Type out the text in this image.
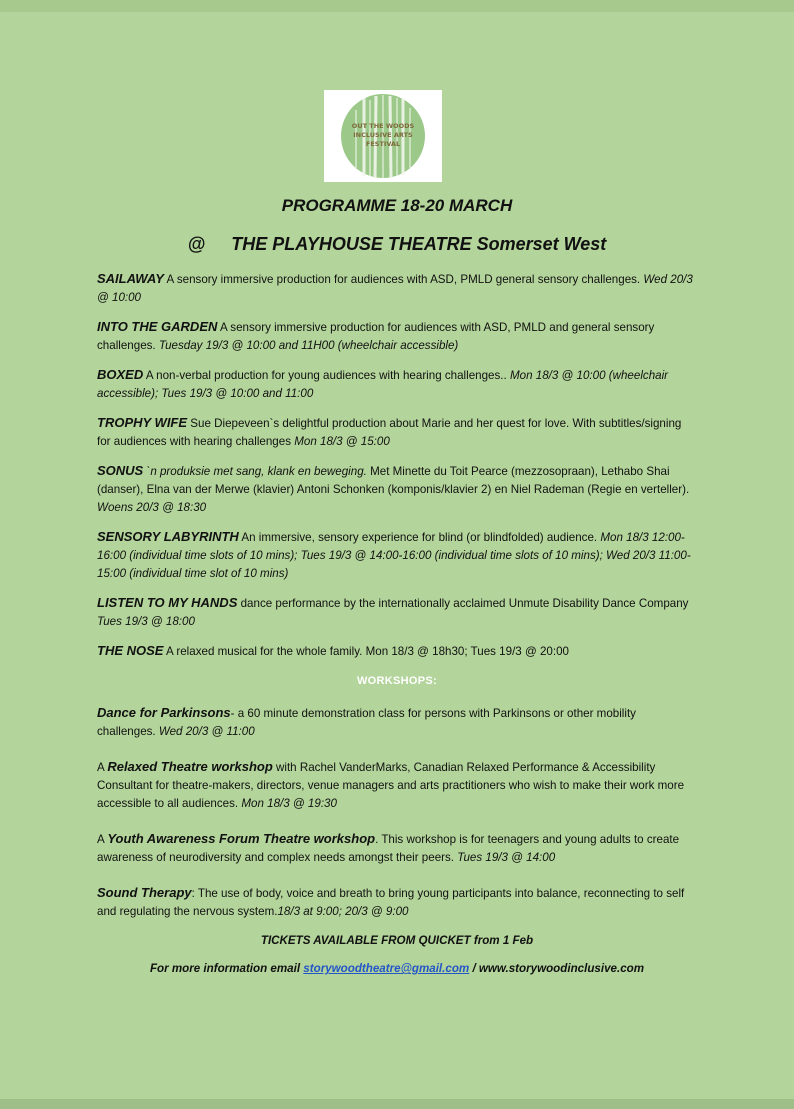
OUT THE WOODS
INCLUSIVE ARTS
FESTIVAL
PROGRAMME 18-20 MARCH
@ THE PLAYHOUSE THEATRE Somerset West
SAILAWAY A sensory immersive production for audiences with ASD, PMLD general sensory challenges. Wed 20/3 @ 10:00
INTO THE GARDEN A sensory immersive production for audiences with ASD, PMLD and general sensory challenges. Tuesday 19/3 @ 10:00 and 11H00 (wheelchair accessible)
BOXED A non-verbal production for young audiences with hearing challenges.. Mon 18/3 @ 10:00 (wheelchair accessible); Tues 19/3 @ 10:00 and 11:00
TROPHY WIFE Sue Diepeveen`s delightful production about Marie and her quest for love. With subtitles/signing for audiences with hearing challenges Mon 18/3 @ 15:00
SONUS `n produksie met sang, klank en beweging. Met Minette du Toit Pearce (mezzosopraan), Lethabo Shai (danser), Elna van der Merwe (klavier) Antoni Schonken (komponis/klavier 2) en Niel Rademan (Regie en verteller). Woens 20/3 @ 18:30
SENSORY LABYRINTH An immersive, sensory experience for blind (or blindfolded) audience. Mon 18/3 12:00-16:00 (individual time slots of 10 mins); Tues 19/3 @ 14:00-16:00 (individual time slots of 10 mins); Wed 20/3 11:00-15:00 (individual time slot of 10 mins)
LISTEN TO MY HANDS dance performance by the internationally acclaimed Unmute Disability Dance Company Tues 19/3 @ 18:00
THE NOSE A relaxed musical for the whole family. Mon 18/3 @ 18h30; Tues 19/3 @ 20:00
WORKSHOPS:
Dance for Parkinsons- a 60 minute demonstration class for persons with Parkinsons or other mobility challenges. Wed 20/3 @ 11:00
A Relaxed Theatre workshop with Rachel VanderMarks, Canadian Relaxed Performance & Accessibility Consultant for theatre-makers, directors, venue managers and arts practitioners who wish to make their work more accessible to all audiences. Mon 18/3 @ 19:30
A Youth Awareness Forum Theatre workshop. This workshop is for teenagers and young adults to create awareness of neurodiversity and complex needs amongst their peers. Tues 19/3 @ 14:00
Sound Therapy: The use of body, voice and breath to bring young participants into balance, reconnecting to self and regulating the nervous system.18/3 at 9:00; 20/3 @ 9:00
TICKETS AVAILABLE FROM QUICKET from 1 Feb
For more information email storywoodtheatre@gmail.com / www.storywoodinclusive.com
